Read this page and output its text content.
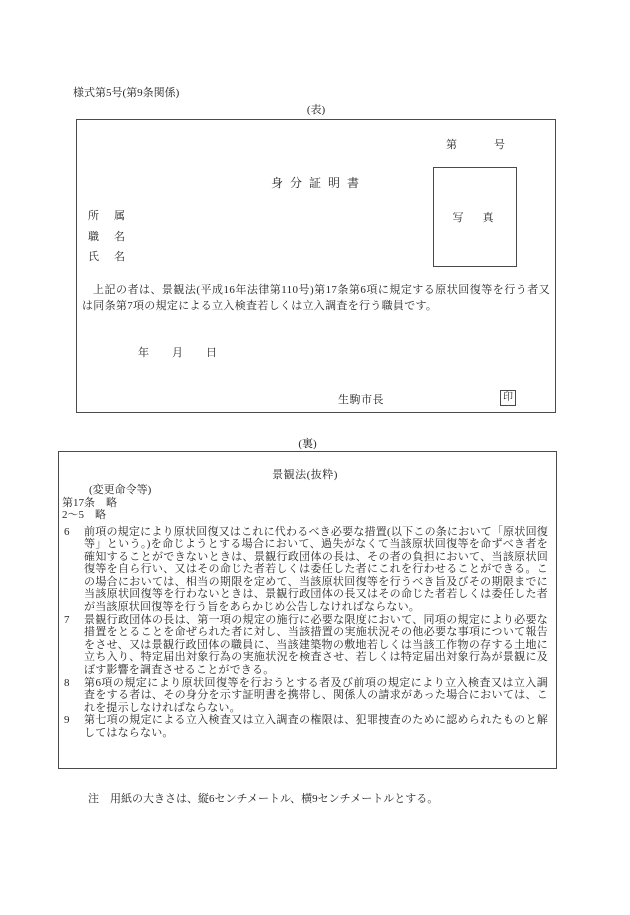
様式第5号(第9条関係)
(表)
第　号
身 分 証 明 書
所　属
職　名
氏　名
写　真
上記の者は、景観法(平成16年法律第110号)第17条第6項に規定する原状回復等を行う者又は同条第7項の規定による立入検査若しくは立入調査を行う職員です。
年　月　日
生駒市長	印
(裏)
景観法(抜粋)
(変更命令等)
第17条　略
2～5　略
6 前項の規定により原状回復又はこれに代わるべき必要な措置(以下この条において「原状回復等」という。)を命じようとする場合において、過失がなくて当該原状回復等を命ずべき者を確知することができないときは、景観行政団体の長は、その者の負担において、当該原状回復等を自ら行い、又はその命じた者若しくは委任した者にこれを行わせることができる。この場合においては、相当の期限を定めて、当該原状回復等を行うべき旨及びその期限までに当該原状回復等を行わないときは、景観行政団体の長又はその命じた者若しくは委任した者が当該原状回復等を行う旨をあらかじめ公告しなければならない。
7 景観行政団体の長は、第一項の規定の施行に必要な限度において、同項の規定により必要な措置をとることを命ぜられた者に対し、当該措置の実施状況その他必要な事項について報告をさせ、又は景観行政団体の職員に、当該建築物の敷地若しくは当該工作物の存する土地に立ち入り、特定届出対象行為の実施状況を検査させ、若しくは特定届出対象行為が景観に及ぼす影響を調査させることができる。
8 第6項の規定により原状回復等を行おうとする者及び前項の規定により立入検査又は立入調査をする者は、その身分を示す証明書を携帯し、関係人の請求があった場合においては、これを提示しなければならない。
9 第七項の規定による立入検査又は立入調査の権限は、犯罪捜査のために認められたものと解してはならない。
注　用紙の大きさは、縦6センチメートル、横9センチメートルとする。
